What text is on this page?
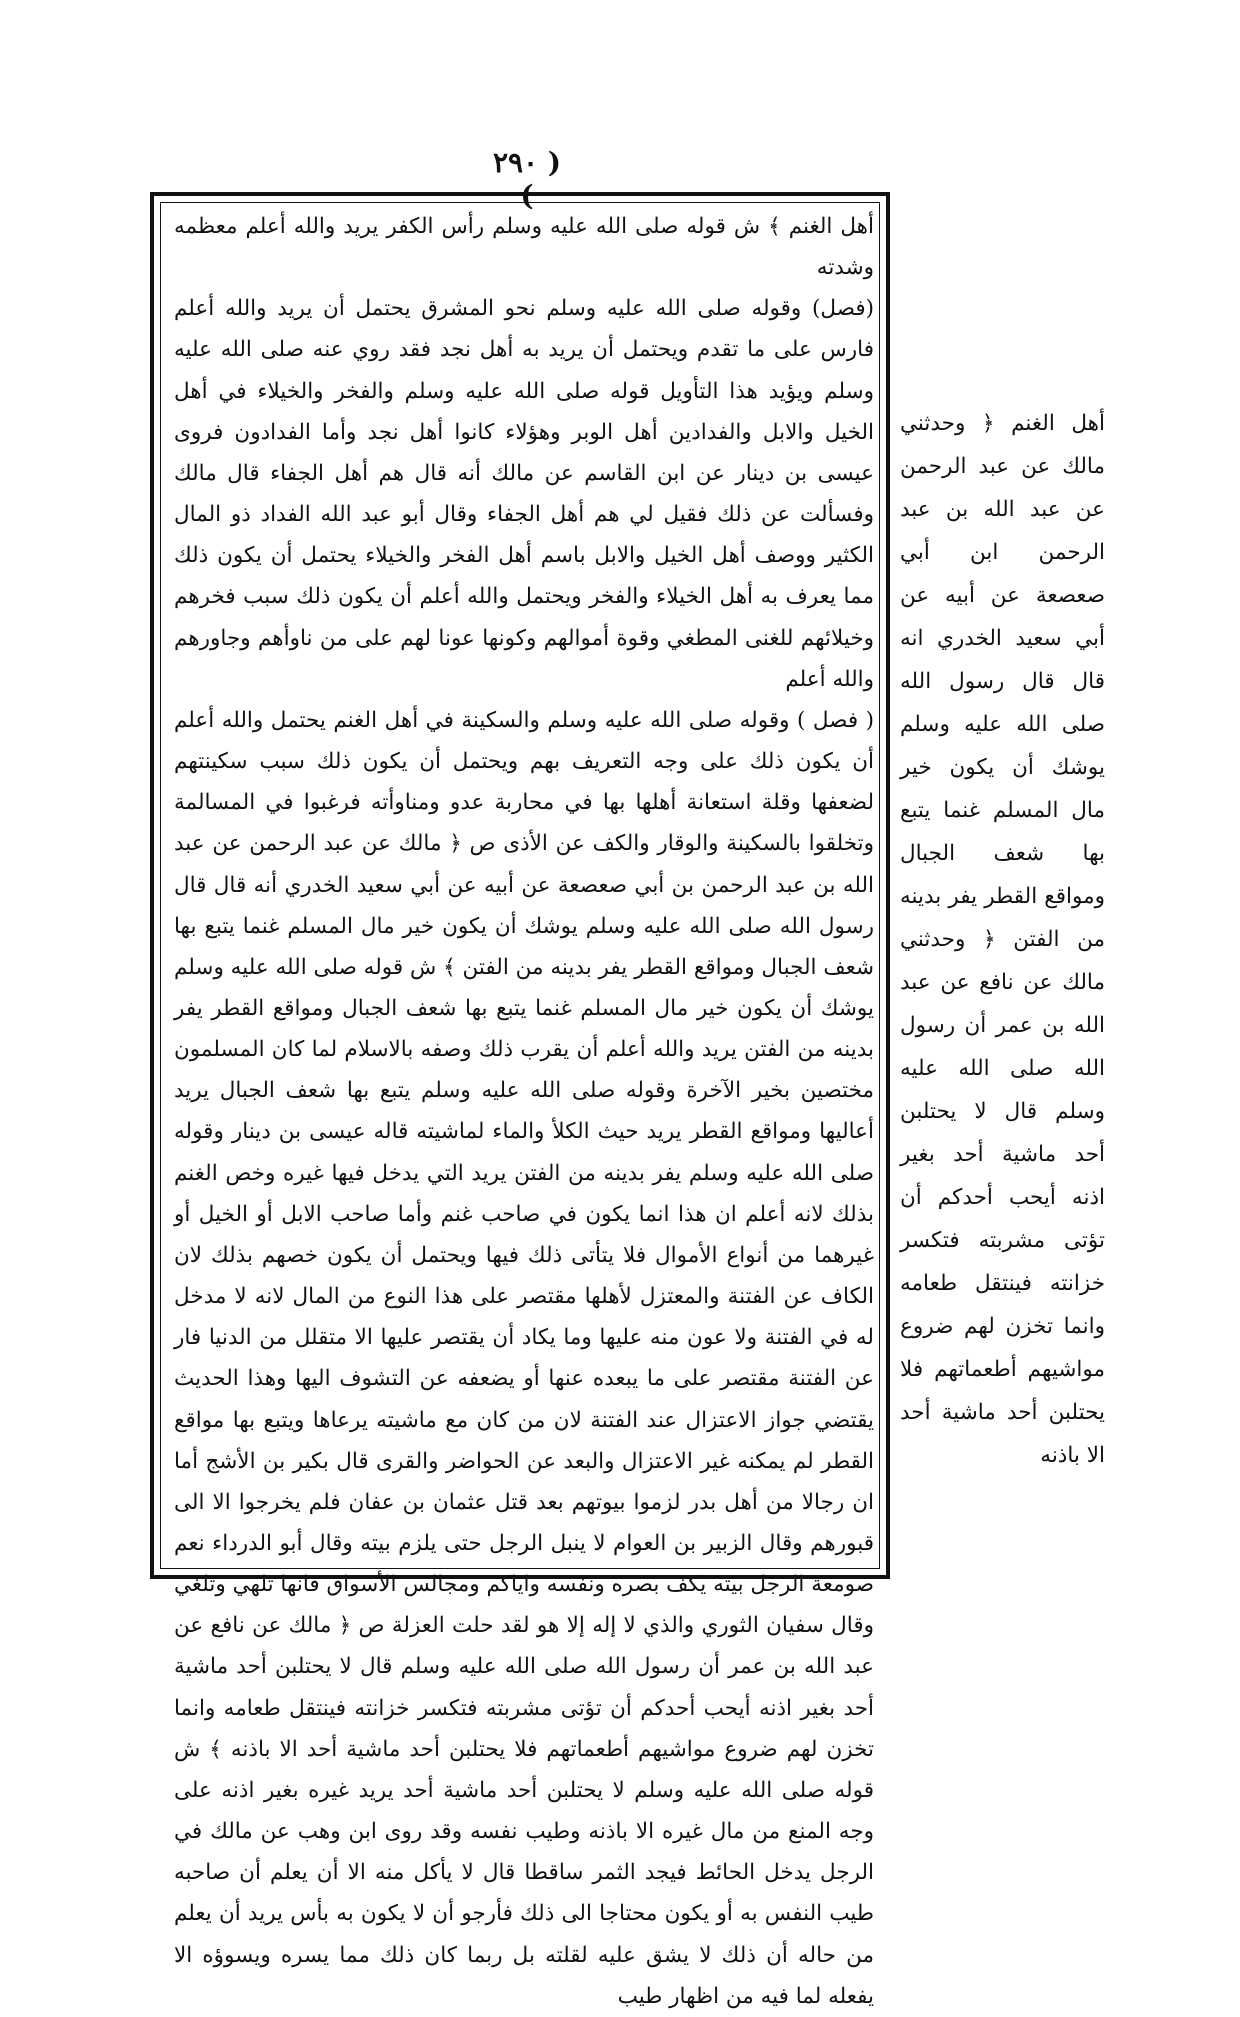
( ٢٩٠ )

أهل الغنم ﴾ ش قوله صلى الله عليه وسلم رأس الكفر يريد والله أعلم معظمه وشدته

(فصل) وقوله صلى الله عليه وسلم نحو المشرق يحتمل أن يريد والله أعلم فارس على ما تقدم ويحتمل أن يريد به أهل نجد فقد روي عنه صلى الله عليه وسلم ويؤيد هذا التأويل قوله صلى الله عليه وسلم والفخر والخيلاء في أهل الخيل والابل والفدادين أهل الوبر وهؤلاء كانوا أهل نجد وأما الفدادون فروى عيسى بن دينار عن ابن القاسم عن مالك أنه قال هم أهل الجفاء قال مالك وفسألت عن ذلك فقيل لي هم أهل الجفاء وقال أبو عبد الله الفداد ذو المال الكثير ووصف أهل الخيل والابل باسم أهل الفخر والخيلاء يحتمل أن يكون ذلك مما يعرف به أهل الخيلاء والفخر ويحتمل والله أعلم أن يكون ذلك سبب فخرهم وخيلائهم للغنى المطغي وقوة أموالهم وكونها عونا لهم على من ناوأهم وجاورهم والله أعلم

( فصل ) وقوله صلى الله عليه وسلم والسكينة في أهل الغنم يحتمل والله أعلم أن يكون ذلك على وجه التعريف بهم ويحتمل أن يكون ذلك سبب سكينتهم لضعفها وقلة استعانة أهلها بها في محاربة عدو ومناوأته فرغبوا في المسالمة وتخلقوا بالسكينة والوقار والكف عن الأذى ص ﴿ مالك عن عبد الرحمن عن عبد الله بن عبد الرحمن بن أبي صعصعة عن أبيه عن أبي سعيد الخدري أنه قال قال رسول الله صلى الله عليه وسلم يوشك أن يكون خير مال المسلم غنما يتبع بها شعف الجبال ومواقع القطر يفر بدينه من الفتن ﴾ ش قوله صلى الله عليه وسلم يوشك أن يكون خير مال المسلم غنما يتبع بها شعف الجبال ومواقع القطر يفر بدينه من الفتن يريد والله أعلم أن يقرب ذلك وصفه بالاسلام لما كان المسلمون مختصين بخير الآخرة وقوله صلى الله عليه وسلم يتبع بها شعف الجبال يريد أعاليها ومواقع القطر يريد حيث الكلأ والماء لماشيته قاله عيسى بن دينار وقوله صلى الله عليه وسلم يفر بدينه من الفتن يريد التي يدخل فيها غيره وخص الغنم بذلك لانه أعلم ان هذا انما يكون في صاحب غنم وأما صاحب الابل أو الخيل أو غيرهما من أنواع الأموال فلا يتأتى ذلك فيها ويحتمل أن يكون خصهم بذلك لان الكاف عن الفتنة والمعتزل لأهلها مقتصر على هذا النوع من المال لانه لا مدخل له في الفتنة ولا عون منه عليها وما يكاد أن يقتصر عليها الا متقلل من الدنيا فار عن الفتنة مقتصر على ما يبعده عنها أو يضعفه عن التشوف اليها وهذا الحديث يقتضي جواز الاعتزال عند الفتنة لان من كان مع ماشيته يرعاها ويتبع بها مواقع القطر لم يمكنه غير الاعتزال والبعد عن الحواضر والقرى قال بكير بن الأشج أما ان رجالا من أهل بدر لزموا بيوتهم بعد قتل عثمان بن عفان فلم يخرجوا الا الى قبورهم وقال الزبير بن العوام لا ينبل الرجل حتى يلزم بيته وقال أبو الدرداء نعم صومعة الرجل بيته يكف بصره ونفسه واياكم ومجالس الأسواق فانها تلهي وتلغي وقال سفيان الثوري والذي لا إله إلا هو لقد حلت العزلة ص ﴿ مالك عن نافع عن عبد الله بن عمر أن رسول الله صلى الله عليه وسلم قال لا يحتلبن أحد ماشية أحد بغير اذنه أيحب أحدكم أن تؤتى مشربته فتكسر خزانته فينتقل طعامه وانما تخزن لهم ضروع مواشيهم أطعماتهم فلا يحتلبن أحد ماشية أحد الا باذنه ﴾ ش قوله صلى الله عليه وسلم لا يحتلبن أحد ماشية أحد يريد غيره بغير اذنه على وجه المنع من مال غيره الا باذنه وطيب نفسه وقد روى ابن وهب عن مالك في الرجل يدخل الحائط فيجد الثمر ساقطا قال لا يأكل منه الا أن يعلم أن صاحبه طيب النفس به أو يكون محتاجا الى ذلك فأرجو أن لا يكون به بأس يريد أن يعلم من حاله أن ذلك لا يشق عليه لقلته بل ربما كان ذلك مما يسره ويسوؤه الا يفعله لما فيه من اظهار طيب

أهل الغنم ﴿ وحدثني مالك عن عبد الرحمن عن عبد الله بن عبد الرحمن ابن أبي صعصعة عن أبيه عن أبي سعيد الخدري انه قال قال رسول الله صلى الله عليه وسلم يوشك أن يكون خير مال المسلم غنما يتبع بها شعف الجبال ومواقع القطر يفر بدينه من الفتن ﴿ وحدثني مالك عن نافع عن عبد الله بن عمر أن رسول الله صلى الله عليه وسلم قال لا يحتلبن أحد ماشية أحد بغير اذنه أيحب أحدكم أن تؤتى مشربته فتكسر خزانته فينتقل طعامه وانما تخزن لهم ضروع مواشيهم أطعماتهم فلا يحتلبن أحد ماشية أحد الا باذنه
